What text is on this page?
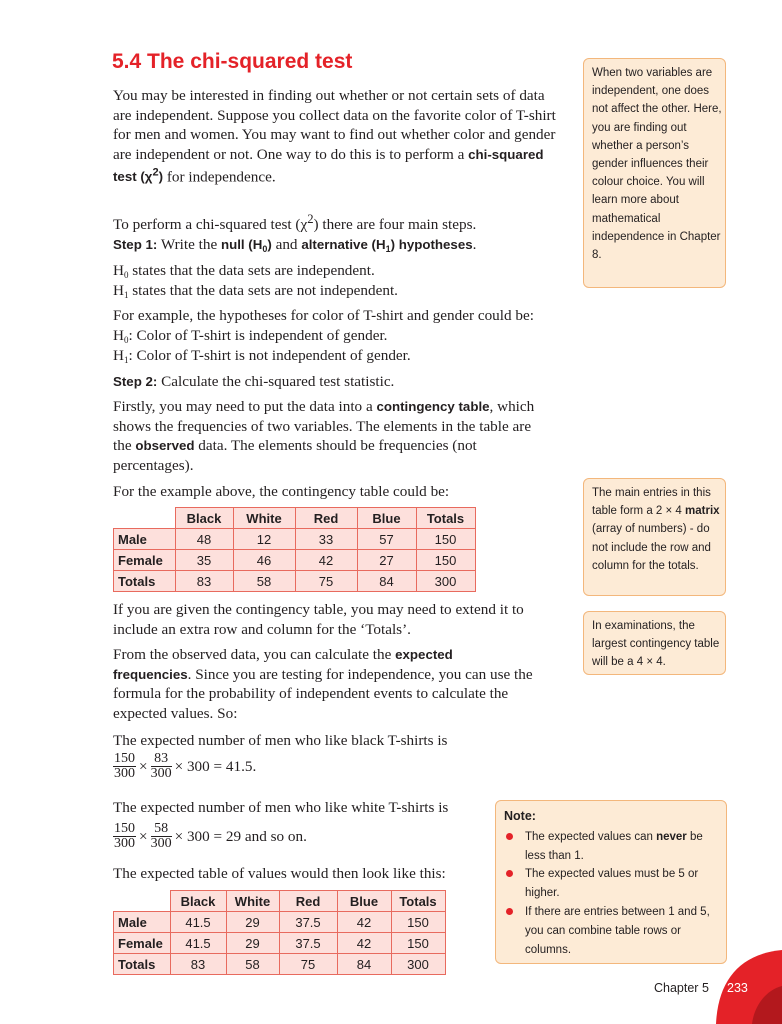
5.4 The chi-squared test

You may be interested in finding out whether or not certain sets of data are independent. Suppose you collect data on the favorite color of T-shirt for men and women. You may want to find out whether color and gender are independent or not. One way to do this is to perform a chi-squared test $(\chi^2)$ for independence.

To perform a chi-squared test $(\chi^2)$ there are four main steps.

Step 1: Write the null $(H_0)$ and alternative $(H_1)$ hypotheses.

$H_0$ states that the data sets are independent.

$H_1$ states that the data sets are not independent.

For example, the hypotheses for color of T-shirt and gender could be:

$H_0$: Color of T-shirt is independent of gender.

$H_1$: Color of T-shirt is not independent of gender.

Step 2: Calculate the chi-squared test statistic.

Firstly, you may need to put the data into a contingency table, which shows the frequencies of two variables. The elements in the table are the observed data. The elements should be frequencies (not percentages).

For the example above, the contingency table could be:

	Black	White	Red	Blue	Totals
Male	48	12	33	57	150
Female	35	46	42	27	150
Totals	83	58	75	84	300

If you are given the contingency table, you may need to extend it to include an extra row and column for the ‘Totals’.

From the observed data, you can calculate the expected frequencies. Since you are testing for independence, you can use the formula for the probability of independent events to calculate the expected values. So:

The expected number of men who like black T-shirts is

$\frac{150}{300} \times \frac{83}{300} \times 300 = 41.5$.

The expected number of men who like white T-shirts is

$\frac{150}{300} \times \frac{58}{300} \times 300 = 29$ and so on.

The expected table of values would then look like this:

	Black	White	Red	Blue	Totals
Male	41.5	29	37.5	42	150
Female	41.5	29	37.5	42	150
Totals	83	58	75	84	300
When two variables are independent, one does not affect the other. Here, you are finding out whether a person’s gender influences their colour choice. You will learn more about mathematical independence in Chapter 8.
The main entries in this table form a 2 × 4 matrix (array of numbers) - do not include the row and column for the totals.
In examinations, the largest contingency table will be a 4 × 4.
Note:
The expected values can never be less than 1.
The expected values must be 5 or higher.
If there are entries between 1 and 5, you can combine table rows or columns.
Chapter 5 233
